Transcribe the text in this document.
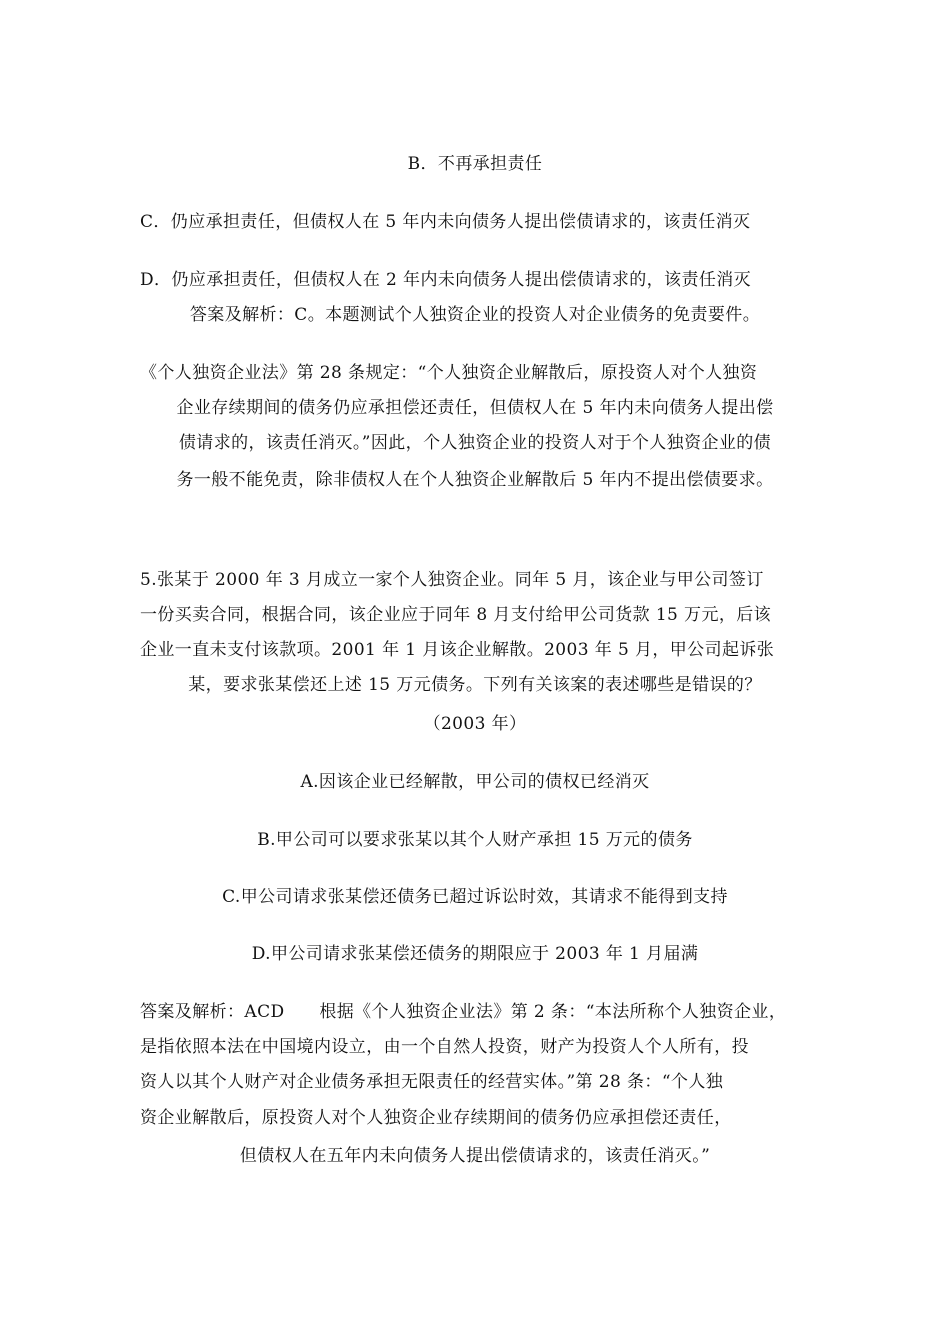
B．不再承担责任
C．仍应承担责任，但债权人在 5 年内未向债务人提出偿债请求的，该责任消灭
D．仍应承担责任，但债权人在 2 年内未向债务人提出偿债请求的，该责任消灭
答案及解析：C。本题测试个人独资企业的投资人对企业债务的免责要件。
《个人独资企业法》第 28 条规定：“个人独资企业解散后，原投资人对个人独资
企业存续期间的债务仍应承担偿还责任，但债权人在 5 年内未向债务人提出偿
债请求的，该责任消灭。”因此，个人独资企业的投资人对于个人独资企业的债
务一般不能免责，除非债权人在个人独资企业解散后 5 年内不提出偿债要求。
5.张某于 2000 年 3 月成立一家个人独资企业。同年 5 月，该企业与甲公司签订
一份买卖合同，根据合同，该企业应于同年 8 月支付给甲公司货款 15 万元，后该
企业一直未支付该款项。2001 年 1 月该企业解散。2003 年 5 月，甲公司起诉张
某，要求张某偿还上述 15 万元债务。下列有关该案的表述哪些是错误的？
（2003 年）
A.因该企业已经解散，甲公司的债权已经消灭
B.甲公司可以要求张某以其个人财产承担 15 万元的债务
C.甲公司请求张某偿还债务已超过诉讼时效，其请求不能得到支持
D.甲公司请求张某偿还债务的期限应于 2003 年 1 月届满
答案及解析：ACD　　根据《个人独资企业法》第 2 条：“本法所称个人独资企业，
是指依照本法在中国境内设立，由一个自然人投资，财产为投资人个人所有，投
资人以其个人财产对企业债务承担无限责任的经营实体。”第 28 条：“个人独
资企业解散后，原投资人对个人独资企业存续期间的债务仍应承担偿还责任，
但债权人在五年内未向债务人提出偿债请求的，该责任消灭。”
